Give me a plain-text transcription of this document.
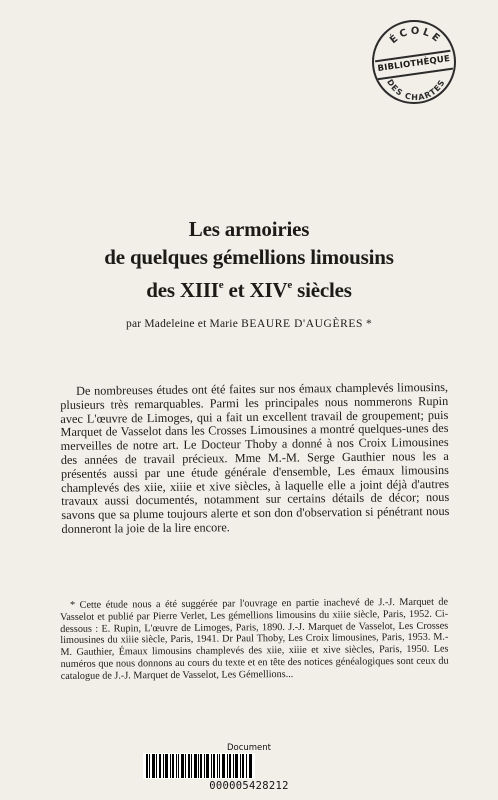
ÉCOLE
DES CHARTES
BIBLIOTHÈQUE
Les armoiries
de quelques gémellions limousins
des XIIIe et XIVe siècles
par Madeleine et Marie BEAURE D'AUGÈRES *
De nombreuses études ont été faites sur nos émaux champlevés limousins, plusieurs très remarquables. Parmi les principales nous nommerons Rupin avec L'œuvre de Limoges, qui a fait un excellent travail de groupement; puis Marquet de Vasselot dans les Crosses Limousines a montré quelques-unes des merveilles de notre art. Le Docteur Thoby a donné à nos Croix Limousines des années de travail précieux. Mme M.-M. Serge Gauthier nous les a présentés aussi par une étude générale d'ensemble, Les émaux limousins champlevés des xiie, xiiie et xive siècles, à laquelle elle a joint déjà d'autres travaux aussi documentés, notamment sur certains détails de décor; nous savons que sa plume toujours alerte et son don d'observation si pénétrant nous donneront la joie de la lire encore.
* Cette étude nous a été suggérée par l'ouvrage en partie inachevé de J.-J. Marquet de Vasselot et publié par Pierre Verlet, Les gémellions limousins du xiiie siècle, Paris, 1952. Ci-dessous : E. Rupin, L'œuvre de Limoges, Paris, 1890. J.-J. Marquet de Vasselot, Les Crosses limousines du xiiie siècle, Paris, 1941. Dr Paul Thoby, Les Croix limousines, Paris, 1953. M.-M. Gauthier, Émaux limousins champlevés des xiie, xiiie et xive siècles, Paris, 1950. Les numéros que nous donnons au cours du texte et en tête des notices généalogiques sont ceux du catalogue de J.-J. Marquet de Vasselot, Les Gémellions...
Document
000005428212
